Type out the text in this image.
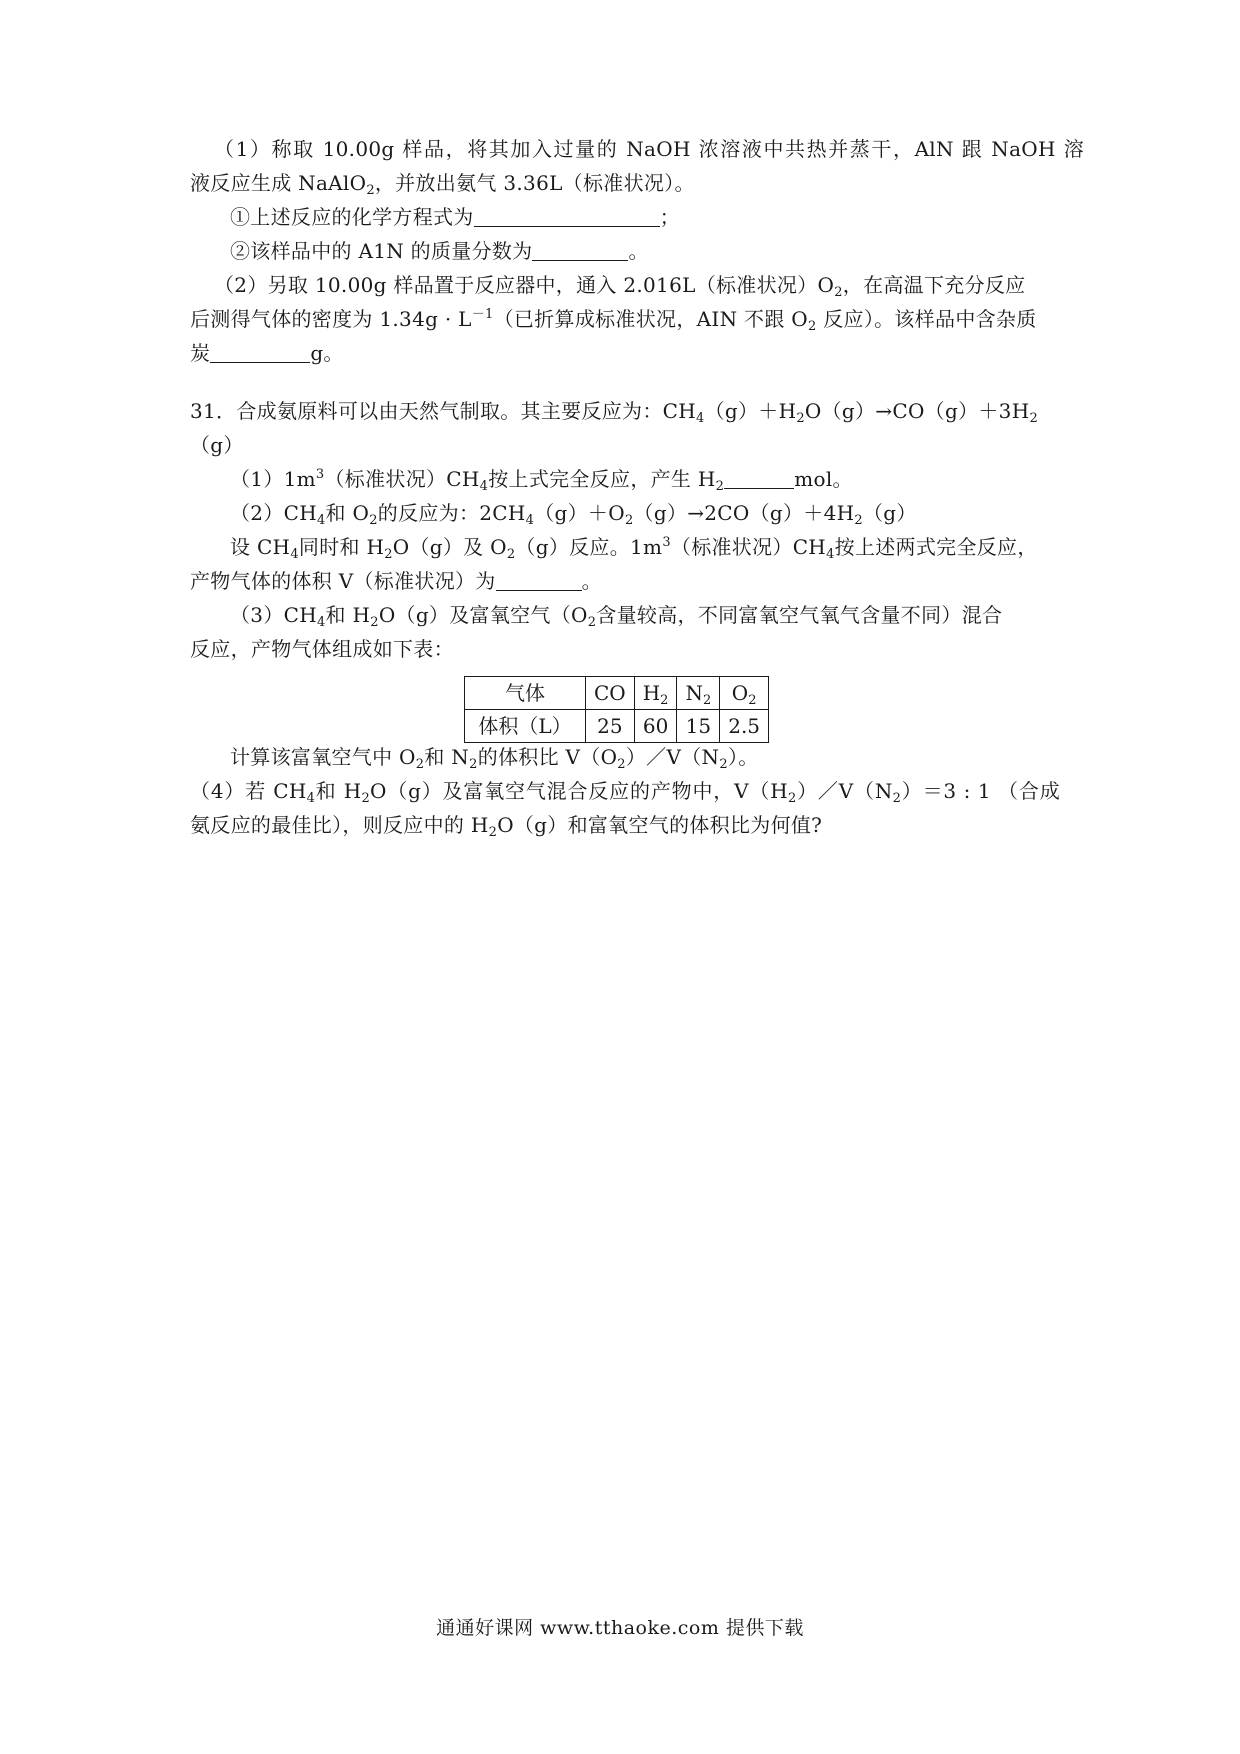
（1）称取 10.00g 样品，将其加入过量的 NaOH 浓溶液中共热并蒸干，AlN 跟 NaOH 溶
液反应生成 NaAlO$_2$，并放出氨气 3.36L（标准状况）。
①上述反应的化学方程式为	；
②该样品中的 A1N 的质量分数为	。
（2）另取 10.00g 样品置于反应器中，通入 2.016L（标准状况）$O_2$，在高温下充分反应
后测得气体的密度为 $1.34g \cdot L^{-1}$（已折算成标准状况，AIN 不跟 $O_2$ 反应）。该样品中含杂质
炭	g。
31．合成氨原料可以由天然气制取。其主要反应为：$CH_4(g)+H_2O(g)\to CO(g)+3H_2$
（g）
$(1)1m^3$（标准状况）$CH_4$按上式完全反应，产生 $H_2$	mol。
$(2)CH_4$和 $O_2$的反应为：$2CH_4(g)+O_2(g)\to 2CO(g)+4H_2(g)$
设 $CH_4$同时和 $H_2O(g)$及 $O_2(g)$反应。$1m^3$（标准状况）$CH_4$按上述两式完全反应，
产物气体的体积 V（标准状况）为	。
$(3)CH_4$和 $H_2O(g)$及富氧空气（$O_2$含量较高，不同富氧空气氧气含量不同）混合
反应，产物气体组成如下表：
气体	CO	$H_2$	$N_2$	$O_2$
体积（L）	25	60	15	2.5
计算该富氧空气中 $O_2$和 $N_2$的体积比 $V(O_2)/V(N_2)$。
（4）若 $CH_4$和 $H_2O(g)$及富氧空气混合反应的产物中，$V(H_2)/V(N_2)=3$ : 1 （合成
氨反应的最佳比），则反应中的 $H_2O(g)$和富氧空气的体积比为何值?
通通好课网 www.tthaoke.com 提供下载
